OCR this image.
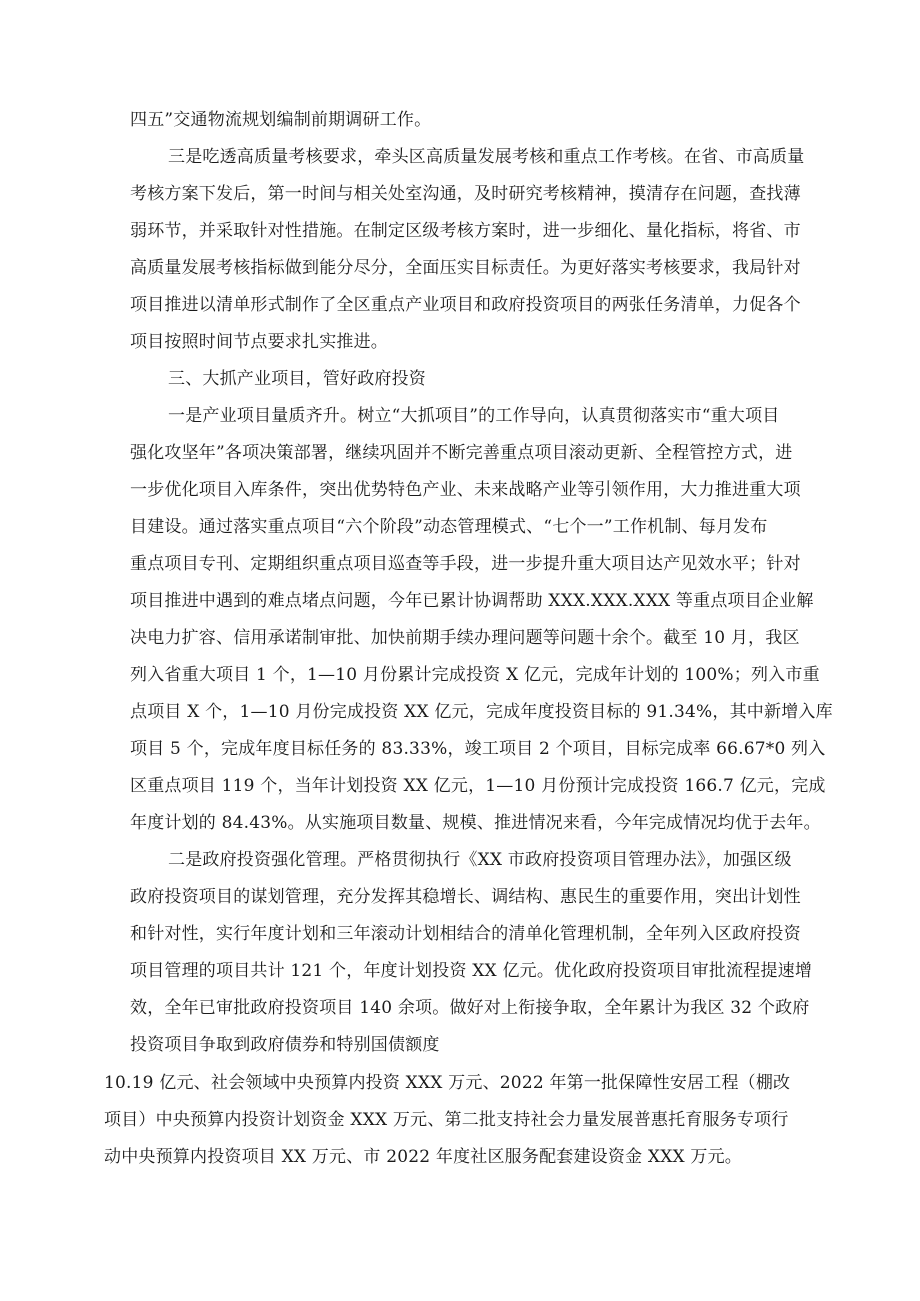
四五”交通物流规划编制前期调研工作。
三是吃透高质量考核要求，牵头区高质量发展考核和重点工作考核。在省、市高质量
考核方案下发后，第一时间与相关处室沟通，及时研究考核精神，摸清存在问题，查找薄
弱环节，并采取针对性措施。在制定区级考核方案时，进一步细化、量化指标，将省、市
高质量发展考核指标做到能分尽分，全面压实目标责任。为更好落实考核要求，我局针对
项目推进以清单形式制作了全区重点产业项目和政府投资项目的两张任务清单，力促各个
项目按照时间节点要求扎实推进。
三、大抓产业项目，管好政府投资
一是产业项目量质齐升。树立“大抓项目”的工作导向，认真贯彻落实市“重大项目
强化攻坚年”各项决策部署，继续巩固并不断完善重点项目滚动更新、全程管控方式，进
一步优化项目入库条件，突出优势特色产业、未来战略产业等引领作用，大力推进重大项
目建设。通过落实重点项目“六个阶段”动态管理模式、“七个一”工作机制、每月发布
重点项目专刊、定期组织重点项目巡查等手段，进一步提升重大项目达产见效水平；针对
项目推进中遇到的难点堵点问题，今年已累计协调帮助 XXX.XXX.XXX 等重点项目企业解
决电力扩容、信用承诺制审批、加快前期手续办理问题等问题十余个。截至 10 月，我区
列入省重大项目 1 个，1—10 月份累计完成投资 X 亿元，完成年计划的 100%；列入市重
点项目 X 个，1—10 月份完成投资 XX 亿元，完成年度投资目标的 91.34%，其中新增入库
项目 5 个，完成年度目标任务的 83.33%，竣工项目 2 个项目，目标完成率 66.67*0 列入
区重点项目 119 个，当年计划投资 XX 亿元，1—10 月份预计完成投资 166.7 亿元，完成
年度计划的 84.43%。从实施项目数量、规模、推进情况来看，今年完成情况均优于去年。
二是政府投资强化管理。严格贯彻执行《XX 市政府投资项目管理办法》，加强区级
政府投资项目的谋划管理，充分发挥其稳增长、调结构、惠民生的重要作用，突出计划性
和针对性，实行年度计划和三年滚动计划相结合的清单化管理机制，全年列入区政府投资
项目管理的项目共计 121 个，年度计划投资 XX 亿元。优化政府投资项目审批流程提速增
效，全年已审批政府投资项目 140 余项。做好对上衔接争取，全年累计为我区 32 个政府
投资项目争取到政府债券和特别国债额度
10.19 亿元、社会领域中央预算内投资 XXX 万元、2022 年第一批保障性安居工程（棚改
项目）中央预算内投资计划资金 XXX 万元、第二批支持社会力量发展普惠托育服务专项行
动中央预算内投资项目 XX 万元、市 2022 年度社区服务配套建设资金 XXX 万元。
